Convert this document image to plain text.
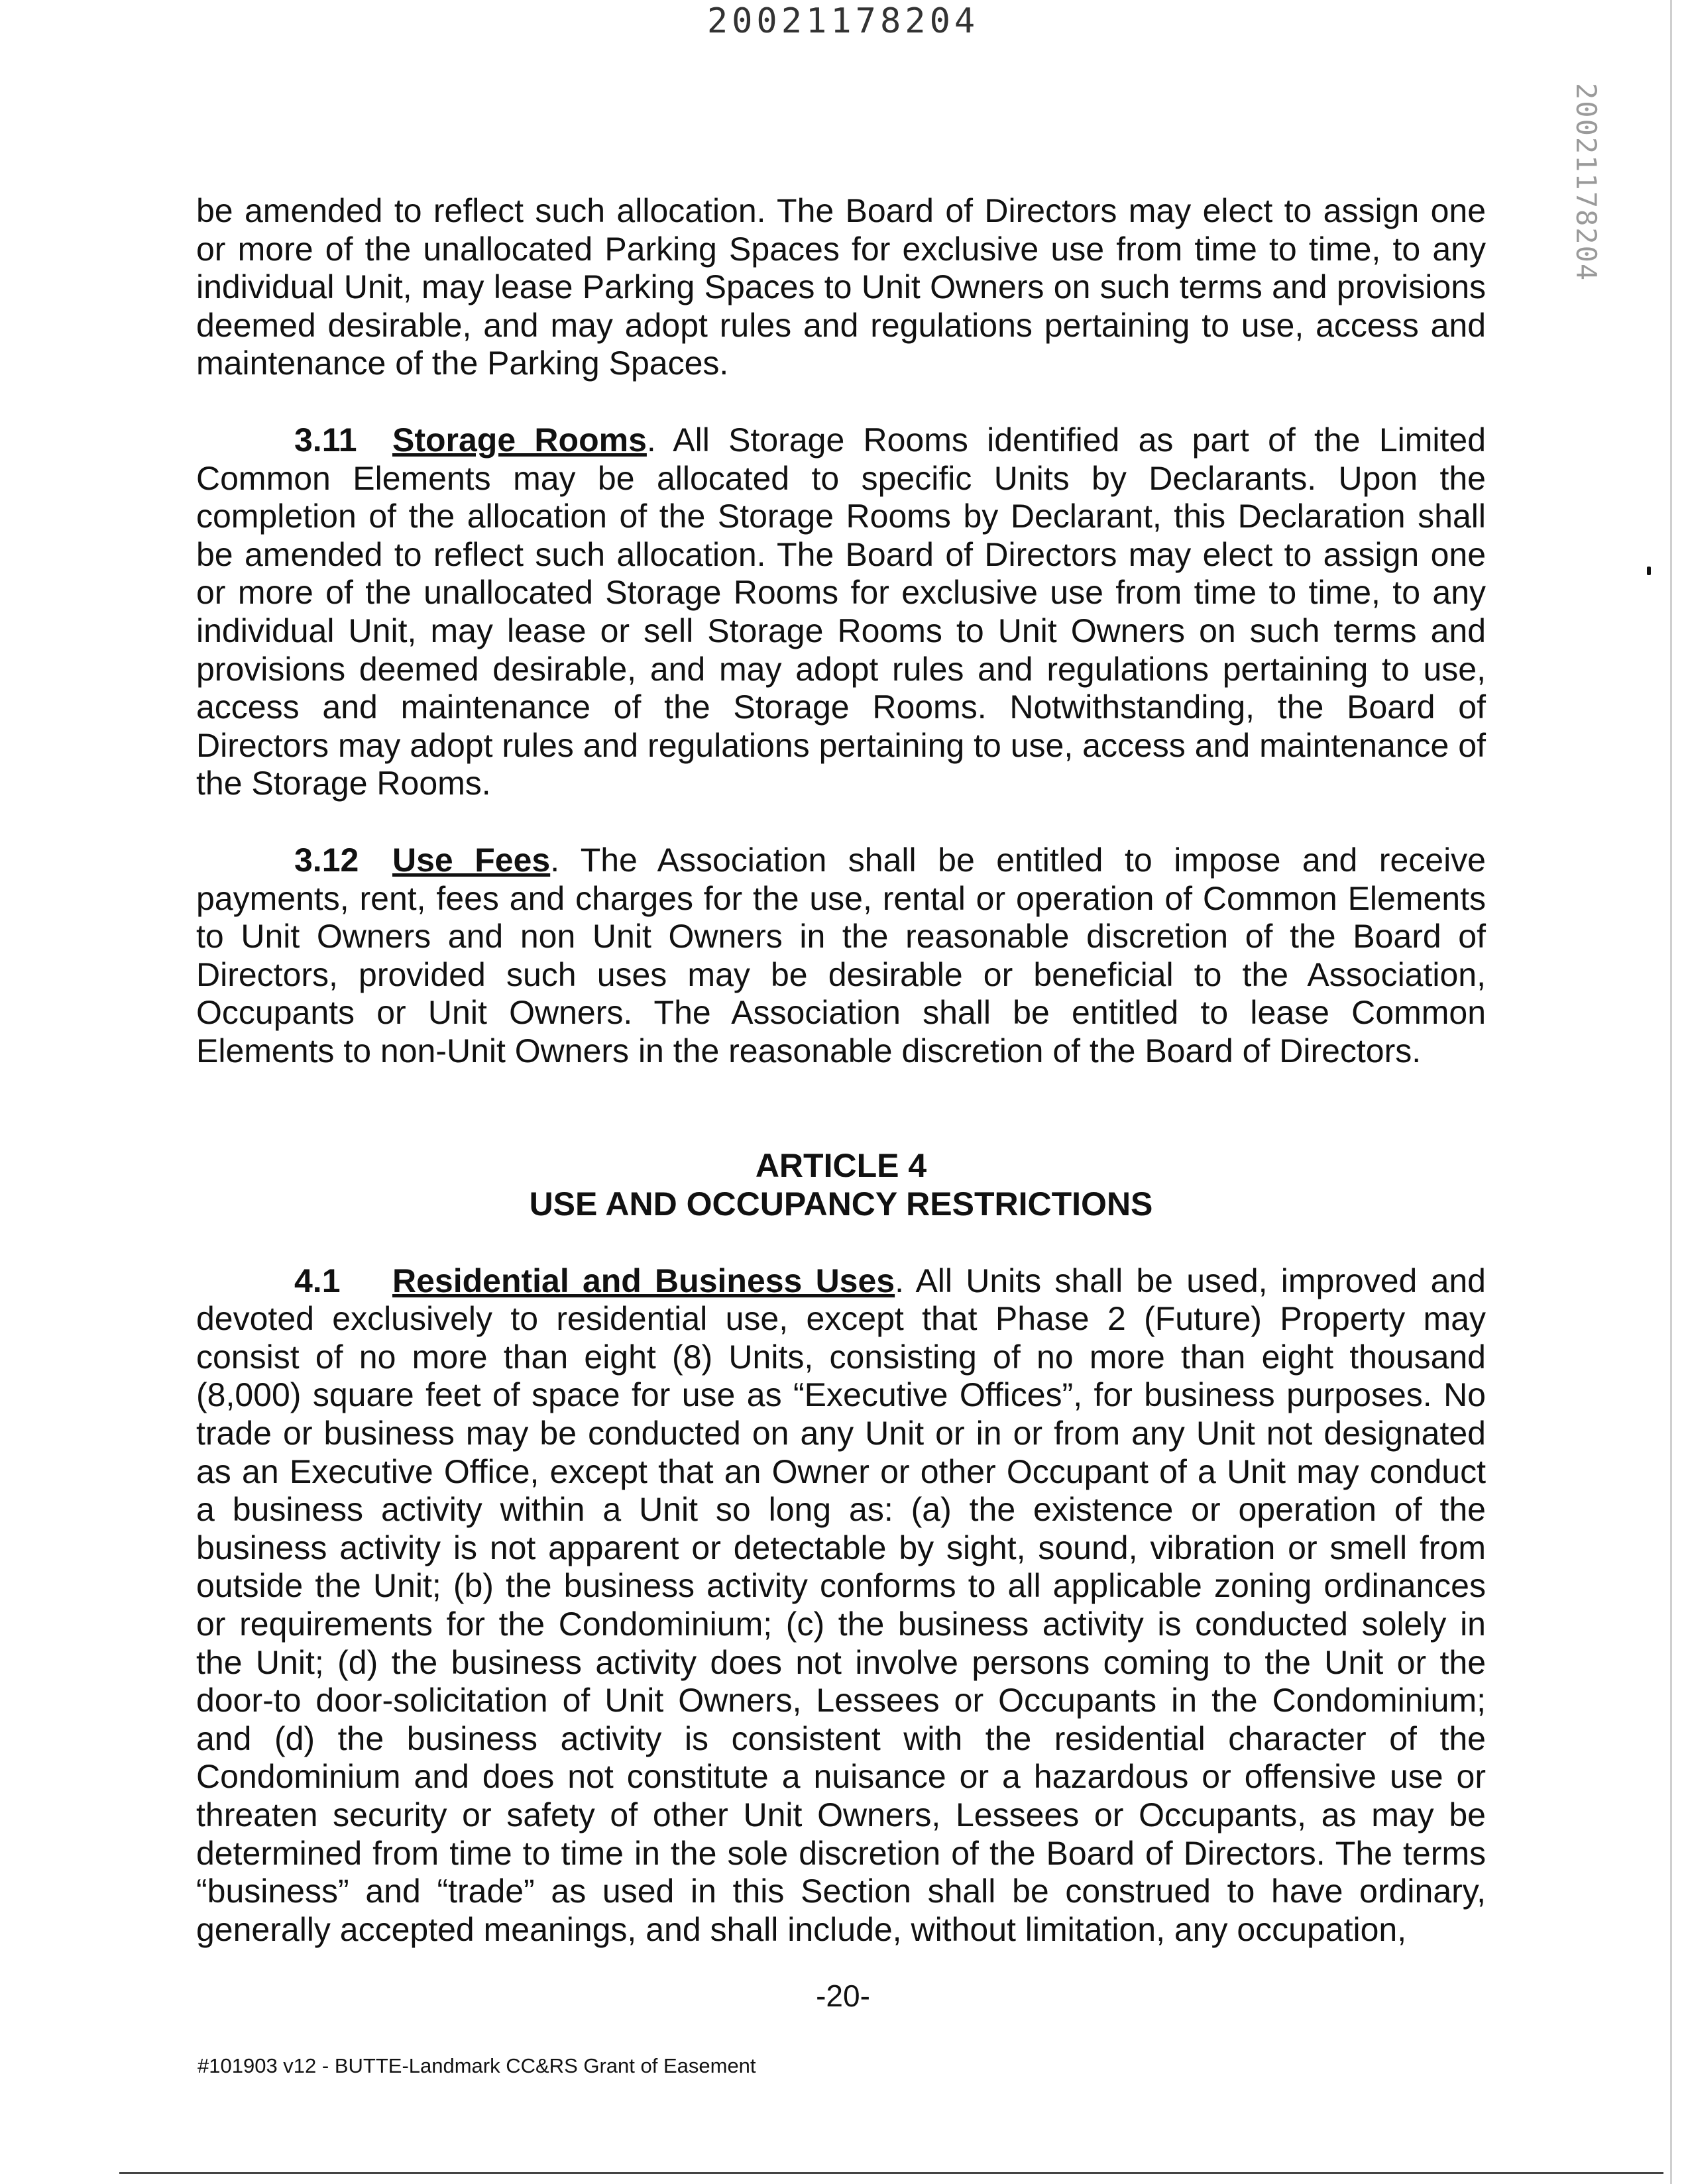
20021178204
20021178204

be amended to reflect such allocation. The Board of Directors may elect to assign one or more of the unallocated Parking Spaces for exclusive use from time to time, to any individual Unit, may lease Parking Spaces to Unit Owners on such terms and provisions deemed desirable, and may adopt rules and regulations pertaining to use, access and maintenance of the Parking Spaces.

3.11 Storage Rooms. All Storage Rooms identified as part of the Limited Common Elements may be allocated to specific Units by Declarants. Upon the completion of the allocation of the Storage Rooms by Declarant, this Declaration shall be amended to reflect such allocation. The Board of Directors may elect to assign one or more of the unallocated Storage Rooms for exclusive use from time to time, to any individual Unit, may lease or sell Storage Rooms to Unit Owners on such terms and provisions deemed desirable, and may adopt rules and regulations pertaining to use, access and maintenance of the Storage Rooms. Notwithstanding, the Board of Directors may adopt rules and regulations pertaining to use, access and maintenance of the Storage Rooms.

3.12 Use Fees. The Association shall be entitled to impose and receive payments, rent, fees and charges for the use, rental or operation of Common Elements to Unit Owners and non Unit Owners in the reasonable discretion of the Board of Directors, provided such uses may be desirable or beneficial to the Association, Occupants or Unit Owners. The Association shall be entitled to lease Common Elements to non-Unit Owners in the reasonable discretion of the Board of Directors.

ARTICLE 4

USE AND OCCUPANCY RESTRICTIONS

4.1 Residential and Business Uses. All Units shall be used, improved and devoted exclusively to residential use, except that Phase 2 (Future) Property may consist of no more than eight (8) Units, consisting of no more than eight thousand (8,000) square feet of space for use as “Executive Offices”, for business purposes. No trade or business may be conducted on any Unit or in or from any Unit not designated as an Executive Office, except that an Owner or other Occupant of a Unit may conduct a business activity within a Unit so long as: (a) the existence or operation of the business activity is not apparent or detectable by sight, sound, vibration or smell from outside the Unit; (b) the business activity conforms to all applicable zoning ordinances or requirements for the Condominium; (c) the business activity is conducted solely in the Unit; (d) the business activity does not involve persons coming to the Unit or the door-to door-solicitation of Unit Owners, Lessees or Occupants in the Condominium; and (d) the business activity is consistent with the residential character of the Condominium and does not constitute a nuisance or a hazardous or offensive use or threaten security or safety of other Unit Owners, Lessees or Occupants, as may be determined from time to time in the sole discretion of the Board of Directors. The terms “business” and “trade” as used in this Section shall be construed to have ordinary, generally accepted meanings, and shall include, without limitation, any occupation,

-20-
#101903 v12 - BUTTE-Landmark CC&RS Grant of Easement
